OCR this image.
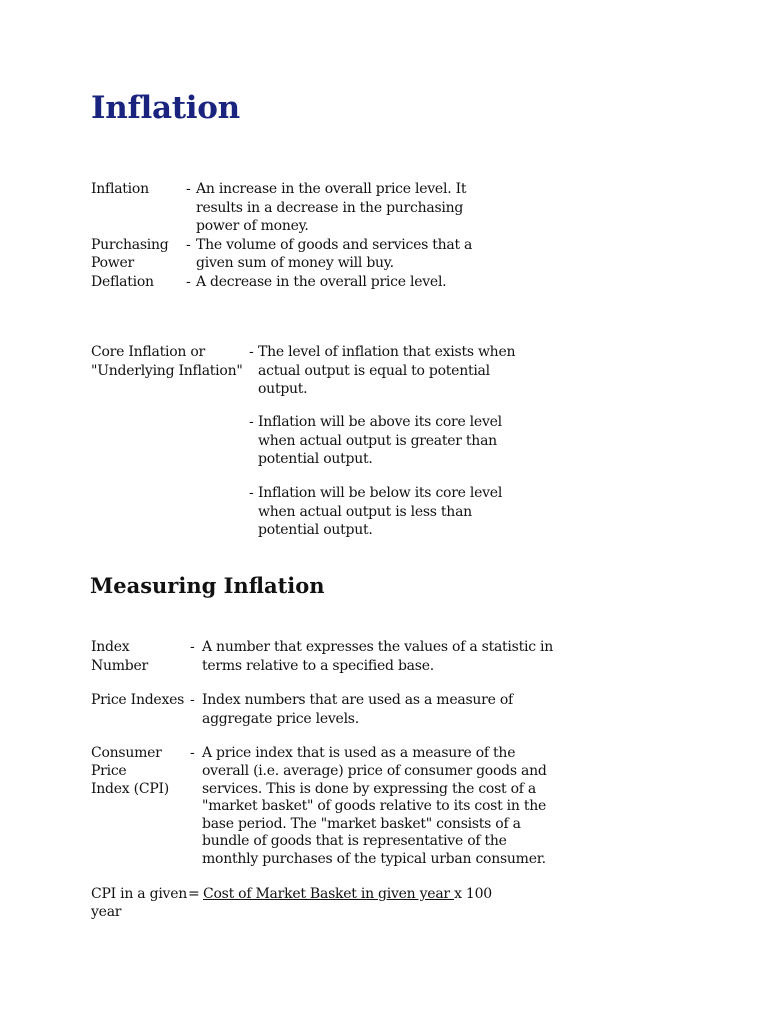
Inflation
Inflation	- An increase in the overall price level. It
results in a decrease in the purchasing
power of money.
Purchasing
Power
- The volume of goods and services that a
given sum of money will buy.
Deflation - A decrease in the overall price level.
Core Inflation or
"Underlying Inflation"
- The level of inflation that exists when
actual output is equal to potential
output.
- Inflation will be above its core level
when actual output is greater than
potential output.
- Inflation will be below its core level
when actual output is less than
potential output.
Measuring Inflation
Index
Number
- A number that expresses the values of a statistic in
terms relative to a specified base.
Price Indexes - Index numbers that are used as a measure of
aggregate price levels.
Consumer
Price
Index (CPI)
- A price index that is used as a measure of the
overall (i.e. average) price of consumer goods and
services. This is done by expressing the cost of a
"market basket" of goods relative to its cost in the
base period. The "market basket" consists of a
bundle of goods that is representative of the
monthly purchases of the typical urban consumer.
CPI in a given
year
= Cost of Market Basket in given year x 100
